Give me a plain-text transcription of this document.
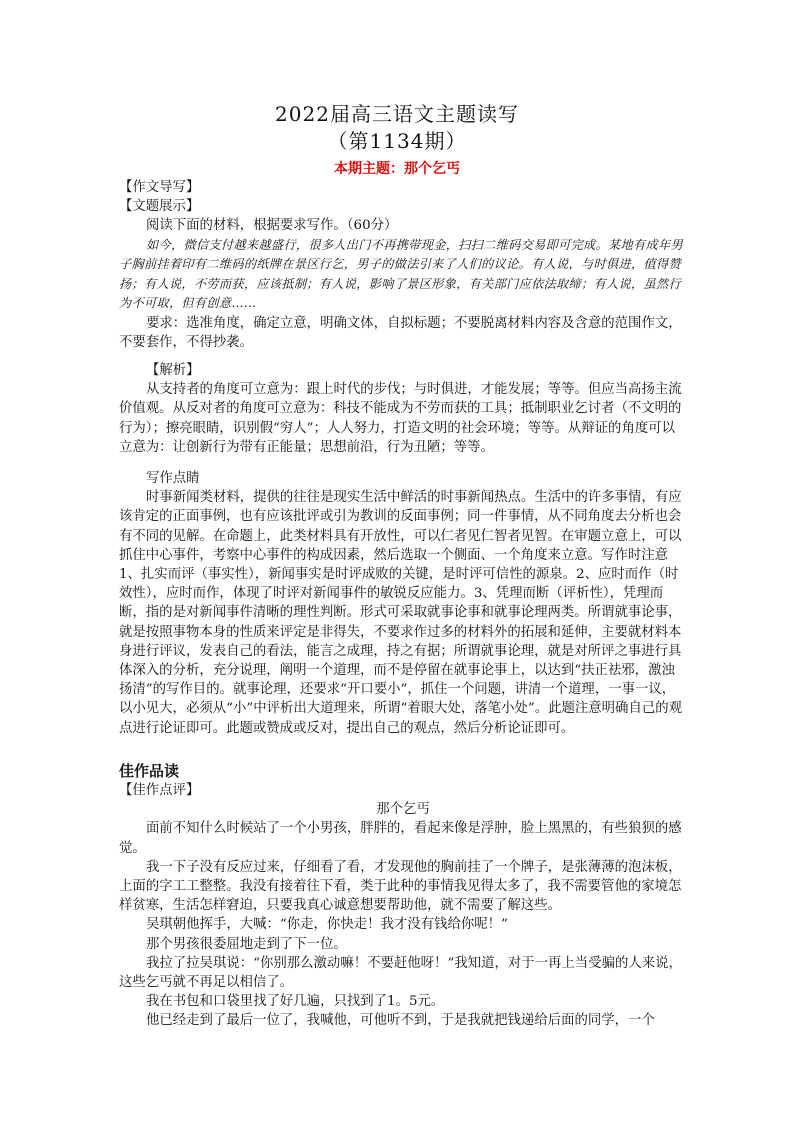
2022届高三语文主题读写
（第1134期）
本期主题：那个乞丐

【作文导写】

【文题展示】

阅读下面的材料，根据要求写作。（60分）

如今，微信支付越来越盛行，很多人出门不再携带现金，扫扫二维码交易即可完成。某地有成年男子胸前挂着印有二维码的纸牌在景区行乞，男子的做法引来了人们的议论。有人说，与时俱进，值得赞扬；有人说，不劳而获，应该抵制；有人说，影响了景区形象，有关部门应依法取缔；有人说，虽然行为不可取，但有创意……

要求：选准角度，确定立意，明确文体，自拟标题；不要脱离材料内容及含意的范围作文，不要套作，不得抄袭。

【解析】

从支持者的角度可立意为：跟上时代的步伐；与时俱进，才能发展；等等。但应当高扬主流价值观。从反对者的角度可立意为：科技不能成为不劳而获的工具；抵制职业乞讨者（不文明的行为）；擦亮眼睛，识别假“穷人”；人人努力，打造文明的社会环境；等等。从辩证的角度可以立意为：让创新行为带有正能量；思想前沿，行为丑陋；等等。

写作点睛

时事新闻类材料，提供的往往是现实生活中鲜活的时事新闻热点。生活中的许多事情，有应该肯定的正面事例，也有应该批评或引为教训的反面事例；同一件事情，从不同角度去分析也会有不同的见解。在命题上，此类材料具有开放性，可以仁者见仁智者见智。在审题立意上，可以抓住中心事件，考察中心事件的构成因素，然后选取一个侧面、一个角度来立意。写作时注意1、扎实而评（事实性），新闻事实是时评成败的关键，是时评可信性的源泉。2、应时而作（时效性），应时而作，体现了时评对新闻事件的敏锐反应能力。3、凭理而断（评析性），凭理而断，指的是对新闻事件清晰的理性判断。形式可采取就事论事和就事论理两类。所谓就事论事，就是按照事物本身的性质来评定是非得失，不要求作过多的材料外的拓展和延伸，主要就材料本身进行评议，发表自己的看法，能言之成理，持之有据；所谓就事论理，就是对所评之事进行具体深入的分析，充分说理，阐明一个道理，而不是停留在就事论事上，以达到“扶正祛邪，激浊扬清”的写作目的。就事论理，还要求“开口要小”，抓住一个问题，讲清一个道理，一事一议，以小见大，必须从“小”中评析出大道理来，所谓“着眼大处，落笔小处”。此题注意明确自己的观点进行论证即可。此题或赞成或反对，提出自己的观点，然后分析论证即可。

佳作品读

【佳作点评】

那个乞丐

面前不知什么时候站了一个小男孩，胖胖的，看起来像是浮肿，脸上黑黑的，有些狼狈的感觉。

我一下子没有反应过来，仔细看了看，才发现他的胸前挂了一个牌子，是张薄薄的泡沫板，上面的字工工整整。我没有接着往下看，类于此种的事情我见得太多了，我不需要管他的家境怎样贫寒，生活怎样窘迫，只要我真心诚意想要帮助他，就不需要了解这些。

吴琪朝他挥手，大喊：“你走，你快走！我才没有钱给你呢！”

那个男孩很委屈地走到了下一位。

我拉了拉吴琪说：“你别那么激动嘛！不要赶他呀！”我知道，对于一再上当受骗的人来说，这些乞丐就不再足以相信了。

我在书包和口袋里找了好几遍，只找到了1。5元。

他已经走到了最后一位了，我喊他，可他听不到，于是我就把钱递给后面的同学，一个
